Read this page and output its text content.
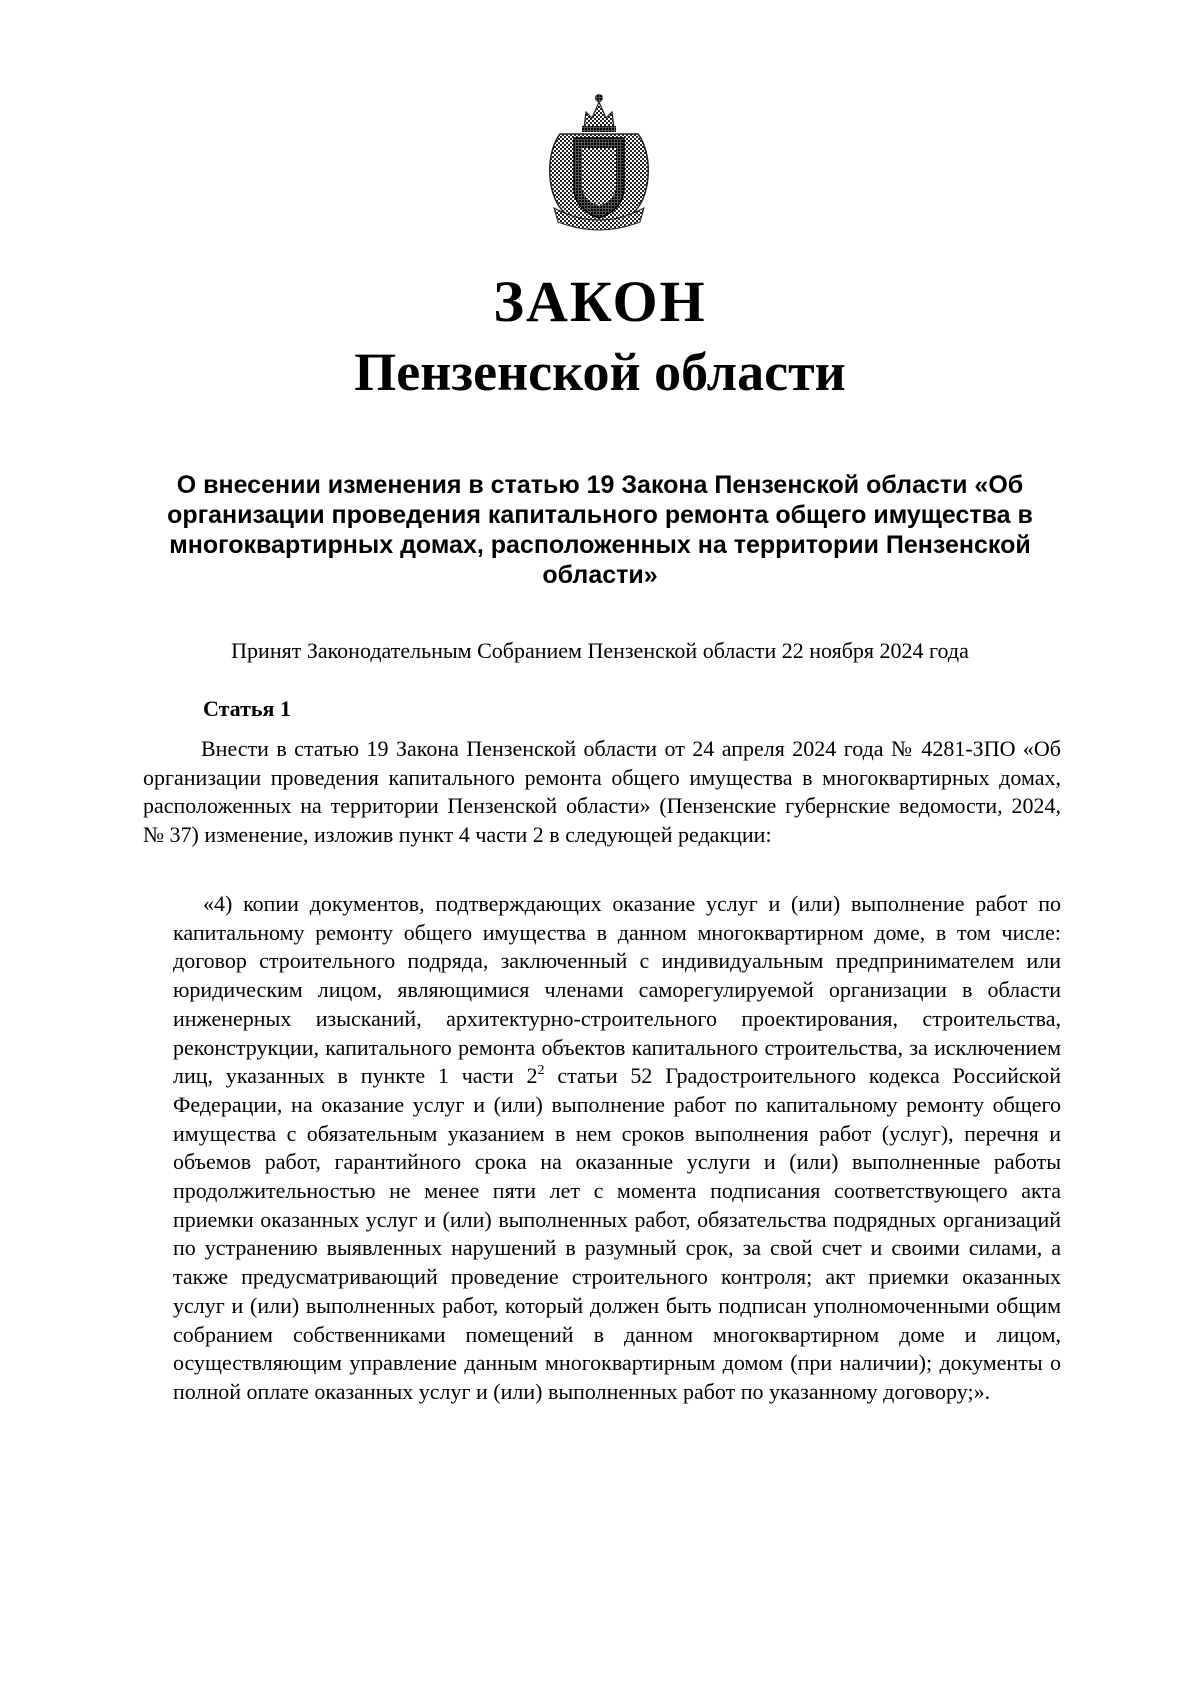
ЗАКОН
Пензенской области

О внесении изменения в статью 19 Закона Пензенской области «Об организации проведения капитального ремонта общего имущества в многоквартирных домах, расположенных на территории Пензенской области»

Принят Законодательным Собранием Пензенской области 22 ноября 2024 года

Статья 1

Внести в статью 19 Закона Пензенской области от 24 апреля 2024 года № 4281-ЗПО «Об организации проведения капитального ремонта общего имущества в многоквартирных домах, расположенных на территории Пензенской области» (Пензенские губернские ведомости, 2024, № 37) изменение, изложив пункт 4 части 2 в следующей редакции:

«4) копии документов, подтверждающих оказание услуг и (или) выполнение работ по капитальному ремонту общего имущества в данном многоквартирном доме, в том числе: договор строительного подряда, заключенный с индивидуальным предпринимателем или юридическим лицом, являющимися членами саморегулируемой организации в области инженерных изысканий, архитектурно-строительного проектирования, строительства, реконструкции, капитального ремонта объектов капитального строительства, за исключением лиц, указанных в пункте 1 части $2^2$ статьи 52 Градостроительного кодекса Российской Федерации, на оказание услуг и (или) выполнение работ по капитальному ремонту общего имущества с обязательным указанием в нем сроков выполнения работ (услуг), перечня и объемов работ, гарантийного срока на оказанные услуги и (или) выполненные работы продолжительностью не менее пяти лет с момента подписания соответствующего акта приемки оказанных услуг и (или) выполненных работ, обязательства подрядных организаций по устранению выявленных нарушений в разумный срок, за свой счет и своими силами, а также предусматривающий проведение строительного контроля; акт приемки оказанных услуг и (или) выполненных работ, который должен быть подписан уполномоченными общим собранием собственниками помещений в данном многоквартирном доме и лицом, осуществляющим управление данным многоквартирным домом (при наличии); документы о полной оплате оказанных услуг и (или) выполненных работ по указанному договору;».
